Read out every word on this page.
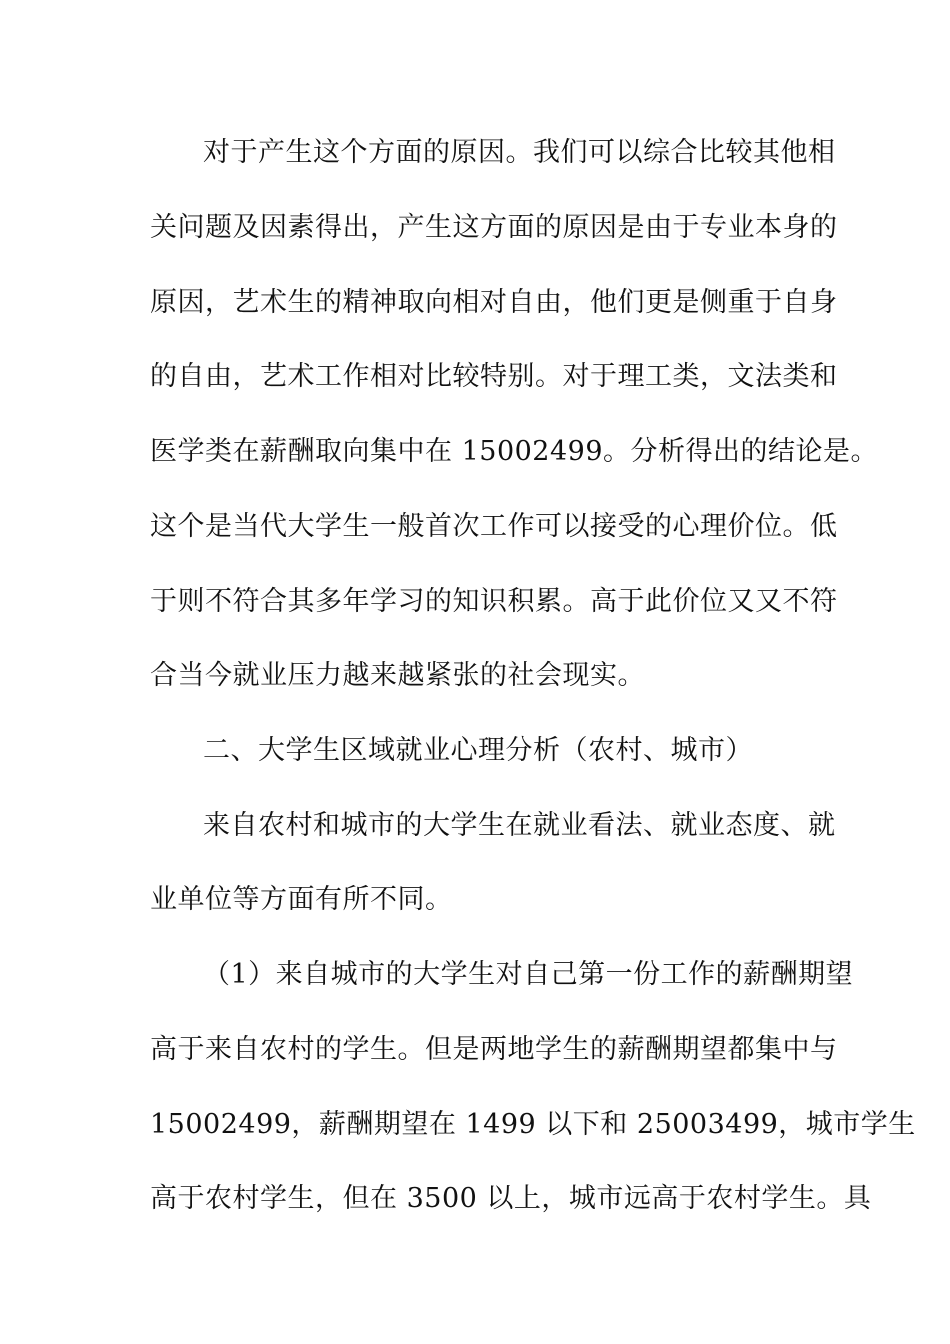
对于产生这个方面的原因。我们可以综合比较其他相
关问题及因素得出，产生这方面的原因是由于专业本身的
原因，艺术生的精神取向相对自由，他们更是侧重于自身
的自由，艺术工作相对比较特别。对于理工类，文法类和
医学类在薪酬取向集中在 15002499。分析得出的结论是。
这个是当代大学生一般首次工作可以接受的心理价位。低
于则不符合其多年学习的知识积累。高于此价位又又不符
合当今就业压力越来越紧张的社会现实。
二、大学生区域就业心理分析（农村、城市）
来自农村和城市的大学生在就业看法、就业态度、就
业单位等方面有所不同。
（1）来自城市的大学生对自己第一份工作的薪酬期望
高于来自农村的学生。但是两地学生的薪酬期望都集中与
15002499，薪酬期望在 1499 以下和 25003499，城市学生
高于农村学生，但在 3500 以上，城市远高于农村学生。具
